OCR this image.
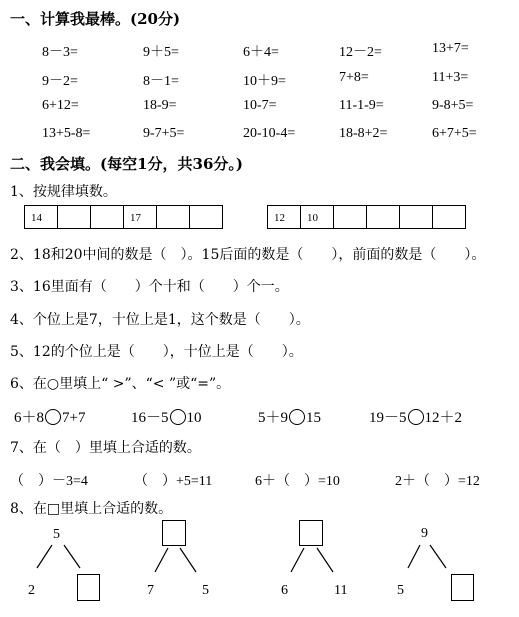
一、计算我最棒。(20分)
8－3=	9＋5=	6＋4=	12－2=	13+7=
9－2=	8－1=	10＋9=	7+8=	11+3=
6+12=	18-9=	10-7=	11-1-9=	9-8+5=
13+5-8=	9-7+5=	20-10-4=	18-8+2=	6+7+5=
二、我会填。(每空1分，共36分。)
1、按规律填数。
14	17	12	10
2、18和20中间的数是（　）。15后面的数是（　　），前面的数是（　　）。
3、16里面有（　　）个十和（　　）个一。
4、个位上是7，十位上是1，这个数是（　　）。
5、12的个位上是（　　），十位上是（　　）。
6、在○里填上“ >”、“< ”或“=”。
6＋8 7+7	16－5 10	5＋9 15	19－5 12＋2
7、在（　）里填上合适的数。
（　）－3=4	（　）+5=11	6＋（　）=10	2＋（　）=12
8、在□里填上合适的数。
5
2	7	5	6	11
9
5
